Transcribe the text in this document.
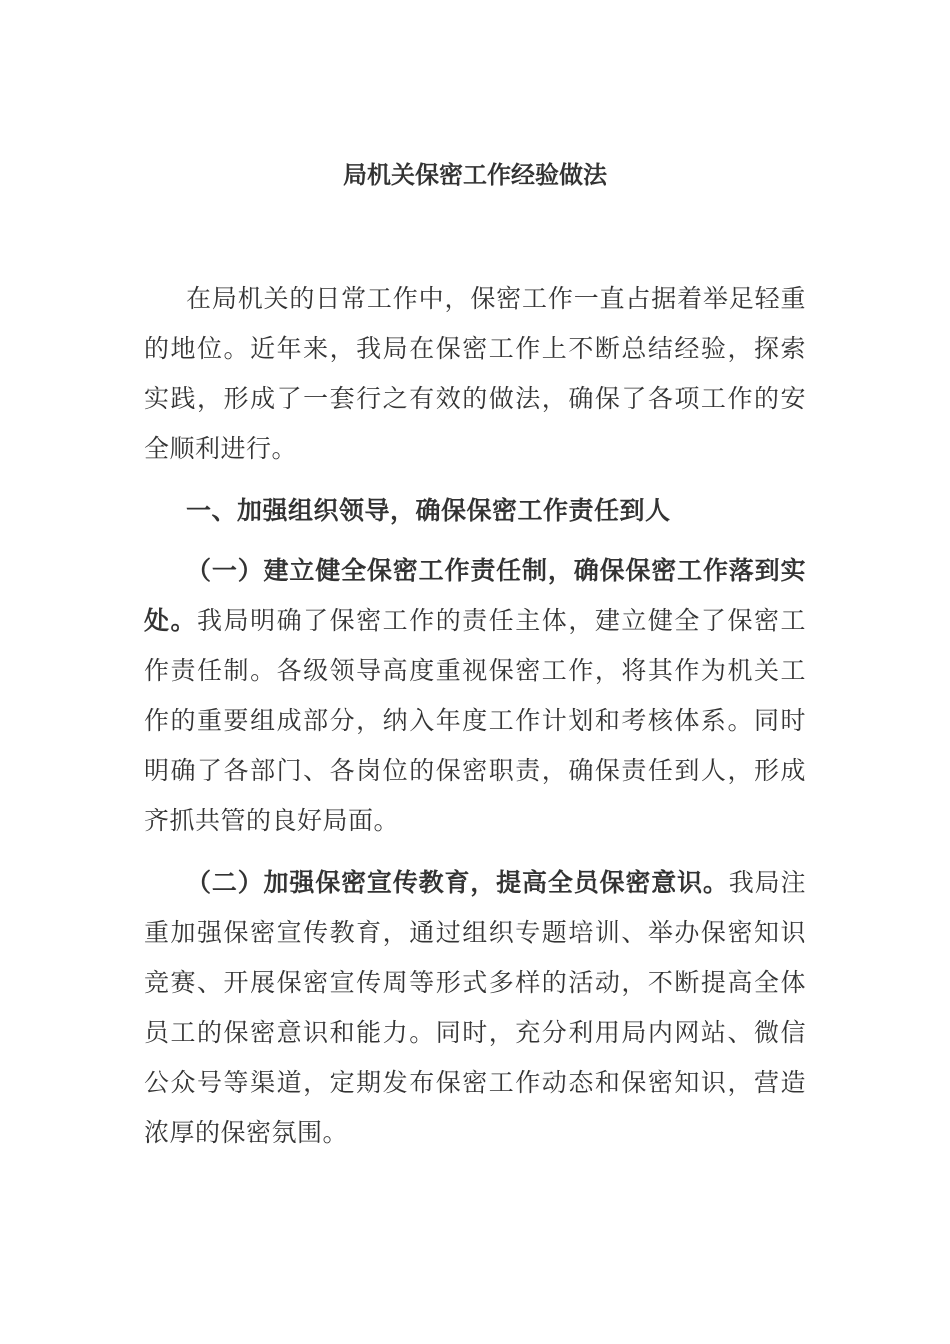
局机关保密工作经验做法

在局机关的日常工作中，保密工作一直占据着举足轻重的地位。近年来，我局在保密工作上不断总结经验，探索实践，形成了一套行之有效的做法，确保了各项工作的安全顺利进行。

一、加强组织领导，确保保密工作责任到人

（一）建立健全保密工作责任制，确保保密工作落到实处。我局明确了保密工作的责任主体，建立健全了保密工作责任制。各级领导高度重视保密工作，将其作为机关工作的重要组成部分，纳入年度工作计划和考核体系。同时明确了各部门、各岗位的保密职责，确保责任到人，形成齐抓共管的良好局面。

（二）加强保密宣传教育，提高全员保密意识。我局注重加强保密宣传教育，通过组织专题培训、举办保密知识竞赛、开展保密宣传周等形式多样的活动，不断提高全体员工的保密意识和能力。同时，充分利用局内网站、微信公众号等渠道，定期发布保密工作动态和保密知识，营造浓厚的保密氛围。
